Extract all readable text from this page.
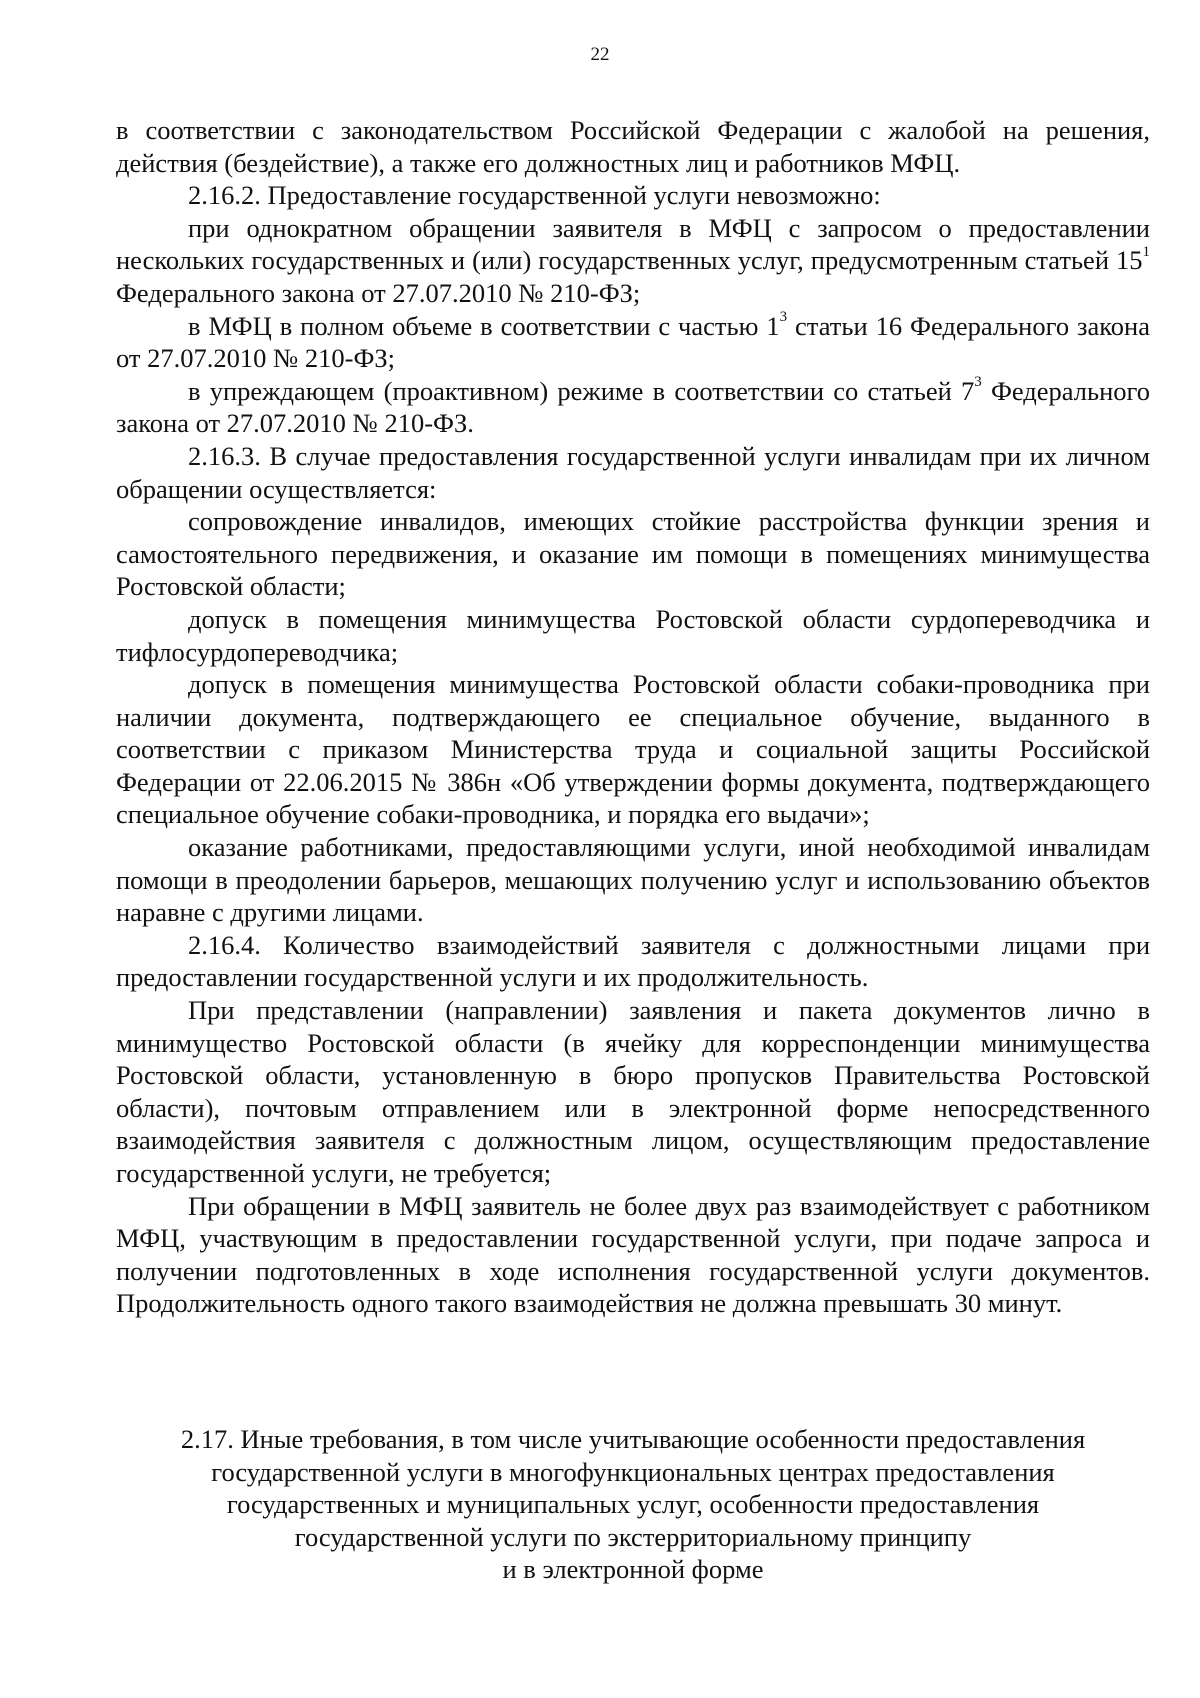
22

в соответствии с законодательством Российской Федерации с жалобой на решения, действия (бездействие), а также его должностных лиц и работников МФЦ.

2.16.2. Предоставление государственной услуги невозможно:

при однократном обращении заявителя в МФЦ с запросом о предоставлении нескольких государственных и (или) государственных услуг, предусмотренным статьей $15^1$ Федерального закона от 27.07.2010 № 210-ФЗ;

в МФЦ в полном объеме в соответствии с частью $1^3$ статьи 16 Федерального закона от 27.07.2010 № 210-ФЗ;

в упреждающем (проактивном) режиме в соответствии со статьей $7^3$ Федерального закона от 27.07.2010 № 210-ФЗ.

2.16.3. В случае предоставления государственной услуги инвалидам при их личном обращении осуществляется:

сопровождение инвалидов, имеющих стойкие расстройства функции зрения и самостоятельного передвижения, и оказание им помощи в помещениях минимущества Ростовской области;

допуск в помещения минимущества Ростовской области сурдопереводчика и тифлосурдопереводчика;

допуск в помещения минимущества Ростовской области собаки-проводника при наличии документа, подтверждающего ее специальное обучение, выданного в соответствии с приказом Министерства труда и социальной защиты Российской Федерации от 22.06.2015 № 386н «Об утверждении формы документа, подтверждающего специальное обучение собаки-проводника, и порядка его выдачи»;

оказание работниками, предоставляющими услуги, иной необходимой инвалидам помощи в преодолении барьеров, мешающих получению услуг и использованию объектов наравне с другими лицами.

2.16.4. Количество взаимодействий заявителя с должностными лицами при предоставлении государственной услуги и их продолжительность.

При представлении (направлении) заявления и пакета документов лично в минимущество Ростовской области (в ячейку для корреспонденции минимущества Ростовской области, установленную в бюро пропусков Правительства Ростовской области), почтовым отправлением или в электронной форме непосредственного взаимодействия заявителя с должностным лицом, осуществляющим предоставление государственной услуги, не требуется;

При обращении в МФЦ заявитель не более двух раз взаимодействует с работником МФЦ, участвующим в предоставлении государственной услуги, при подаче запроса и получении подготовленных в ходе исполнения государственной услуги документов. Продолжительность одного такого взаимодействия не должна превышать 30 минут.

2.17. Иные требования, в том числе учитывающие особенности предоставления
государственной услуги в многофункциональных центрах предоставления
государственных и муниципальных услуг, особенности предоставления
государственной услуги по экстерриториальному принципу
и в электронной форме
